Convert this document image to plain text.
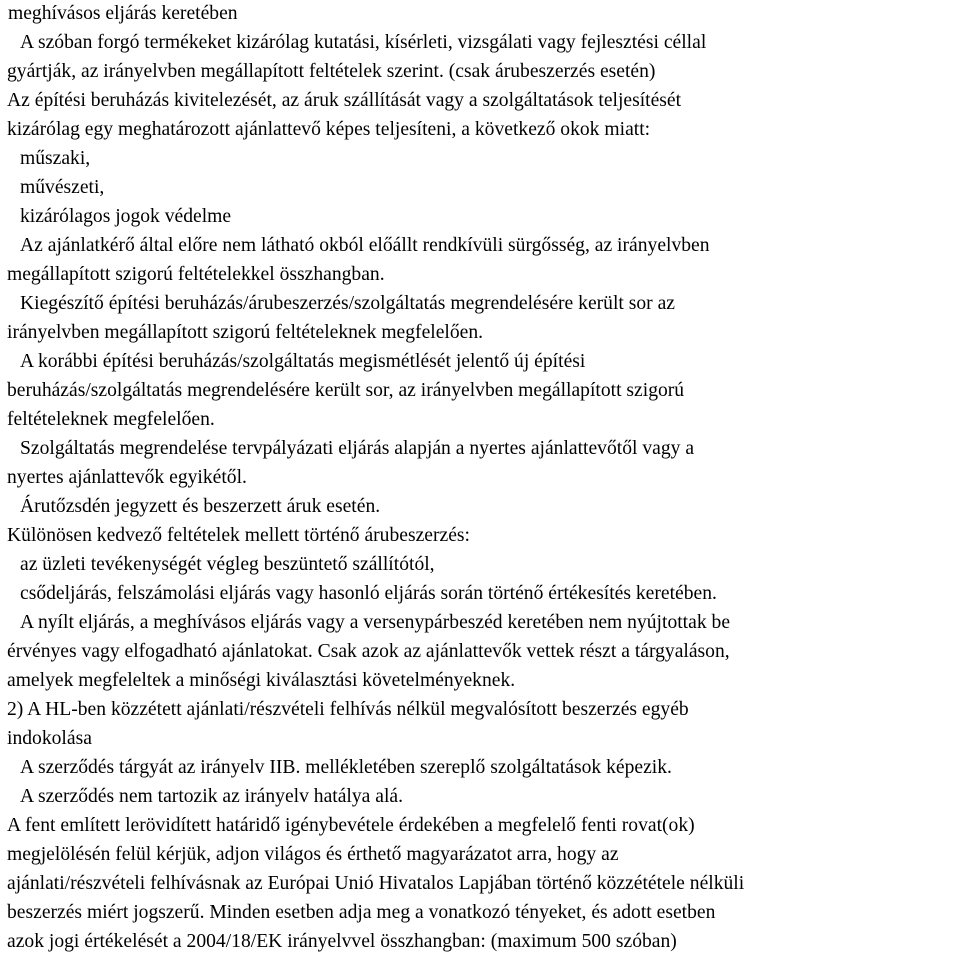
meghívásos eljárás keretében
A szóban forgó termékeket kizárólag kutatási, kísérleti, vizsgálati vagy fejlesztési céllal
gyártják, az irányelvben megállapított feltételek szerint. (csak árubeszerzés esetén)
Az építési beruházás kivitelezését, az áruk szállítását vagy a szolgáltatások teljesítését
kizárólag egy meghatározott ajánlattevő képes teljesíteni, a következő okok miatt:
műszaki,
művészeti,
kizárólagos jogok védelme
Az ajánlatkérő által előre nem látható okból előállt rendkívüli sürgősség, az irányelvben
megállapított szigorú feltételekkel összhangban.
Kiegészítő építési beruházás/árubeszerzés/szolgáltatás megrendelésére került sor az
irányelvben megállapított szigorú feltételeknek megfelelően.
A korábbi építési beruházás/szolgáltatás megismétlését jelentő új építési
beruházás/szolgáltatás megrendelésére került sor, az irányelvben megállapított szigorú
feltételeknek megfelelően.
Szolgáltatás megrendelése tervpályázati eljárás alapján a nyertes ajánlattevőtől vagy a
nyertes ajánlattevők egyikétől.
Árutőzsdén jegyzett és beszerzett áruk esetén.
Különösen kedvező feltételek mellett történő árubeszerzés:
az üzleti tevékenységét végleg beszüntető szállítótól,
csődeljárás, felszámolási eljárás vagy hasonló eljárás során történő értékesítés keretében.
A nyílt eljárás, a meghívásos eljárás vagy a versenypárbeszéd keretében nem nyújtottak be
érvényes vagy elfogadható ajánlatokat. Csak azok az ajánlattevők vettek részt a tárgyaláson,
amelyek megfeleltek a minőségi kiválasztási követelményeknek.
2) A HL-ben közzétett ajánlati/részvételi felhívás nélkül megvalósított beszerzés egyéb
indokolása
A szerződés tárgyát az irányelv IIB. mellékletében szereplő szolgáltatások képezik.
A szerződés nem tartozik az irányelv hatálya alá.
A fent említett lerövidített határidő igénybevétele érdekében a megfelelő fenti rovat(ok)
megjelölésén felül kérjük, adjon világos és érthető magyarázatot arra, hogy az
ajánlati/részvételi felhívásnak az Európai Unió Hivatalos Lapjában történő közzététele nélküli
beszerzés miért jogszerű. Minden esetben adja meg a vonatkozó tényeket, és adott esetben
azok jogi értékelését a 2004/18/EK irányelvvel összhangban: (maximum 500 szóban)
